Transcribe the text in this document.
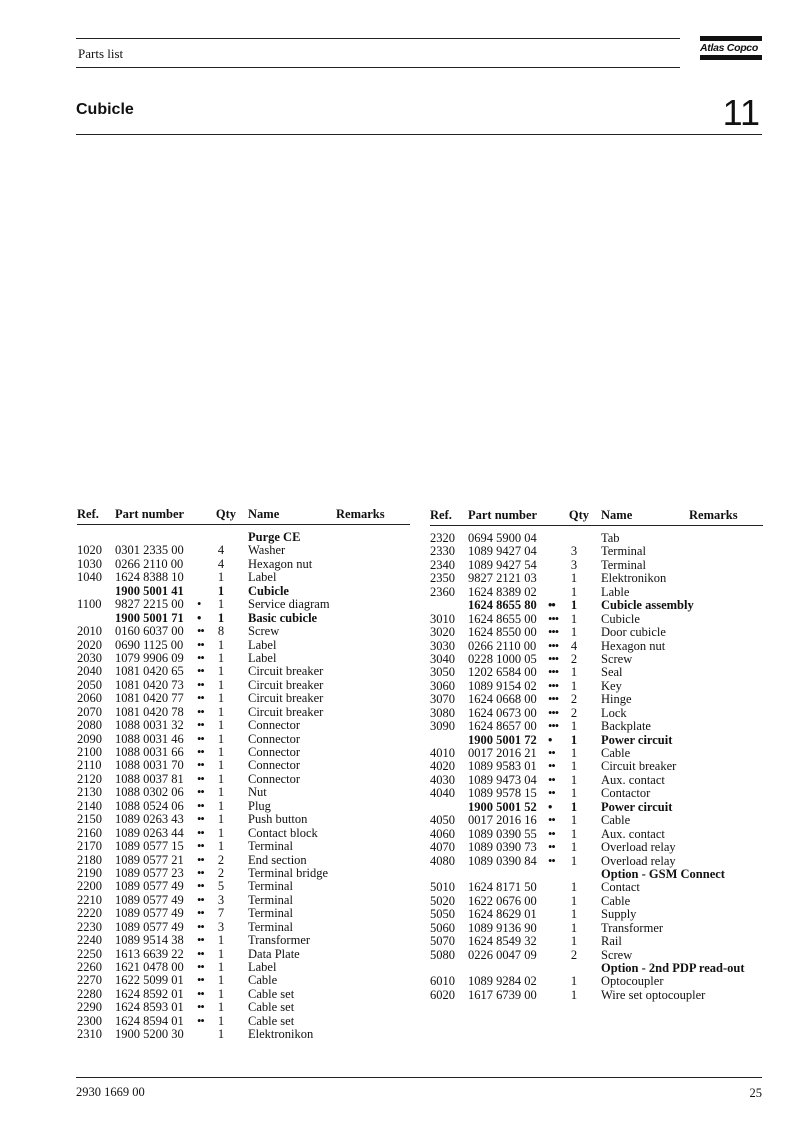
Parts list	Atlas Copco
Cubicle	11
Ref. Part number	Qty Name	Remarks
Purge CE
1020 0301 2335 00	4 Washer
1030 0266 2110 00	4 Hexagon nut
1040 1624 8388 10	1 Label
1900 5001 41	1 Cubicle
1100 9827 2215 00 •	1 Service diagram
1900 5001 71 •	1 Basic cubicle
2010 0160 6037 00 ••	8 Screw
2020 0690 1125 00 ••	1 Label
2030 1079 9906 09 ••	1 Label
2040 1081 0420 65 ••	1 Circuit breaker
2050 1081 0420 73 ••	1 Circuit breaker
2060 1081 0420 77 ••	1 Circuit breaker
2070 1081 0420 78 ••	1 Circuit breaker
2080 1088 0031 32 ••	1 Connector
2090 1088 0031 46 ••	1 Connector
2100 1088 0031 66 ••	1 Connector
2110 1088 0031 70 ••	1 Connector
2120 1088 0037 81 ••	1 Connector
2130 1088 0302 06 ••	1 Nut
2140 1088 0524 06 ••	1 Plug
2150 1089 0263 43 ••	1 Push button
2160 1089 0263 44 ••	1 Contact block
2170 1089 0577 15 ••	1 Terminal
2180 1089 0577 21 ••	2 End section
2190 1089 0577 23 ••	2 Terminal bridge
2200 1089 0577 49 ••	5 Terminal
2210 1089 0577 49 ••	3 Terminal
2220 1089 0577 49 ••	7 Terminal
2230 1089 0577 49 ••	3 Terminal
2240 1089 9514 38 ••	1 Transformer
2250 1613 6639 22 ••	1 Data Plate
2260 1621 0478 00 ••	1 Label
2270 1622 5099 01 ••	1 Cable
2280 1624 8592 01 ••	1 Cable set
2290 1624 8593 01 ••	1 Cable set
2300 1624 8594 01 ••	1 Cable set
2310 1900 5200 30	1 Elektronikon
Ref. Part number	Qty Name	Remarks
2320 0694 5900 04	Tab
2330 1089 9427 04	3 Terminal
2340 1089 9427 54	3 Terminal
2350 9827 2121 03	1 Elektronikon
2360 1624 8389 02	1 Lable
1624 8655 80 ••	1 Cubicle assembly
3010 1624 8655 00 •••	1 Cubicle
3020 1624 8550 00 •••	1 Door cubicle
3030 0266 2110 00 •••	4 Hexagon nut
3040 0228 1000 05 •••	2 Screw
3050 1202 6584 00 •••	1 Seal
3060 1089 9154 02 •••	1 Key
3070 1624 0668 00 •••	2 Hinge
3080 1624 0673 00 •••	2 Lock
3090 1624 8657 00 •••	1 Backplate
1900 5001 72 •	1 Power circuit
4010 0017 2016 21 ••	1 Cable
4020 1089 9583 01 ••	1 Circuit breaker
4030 1089 9473 04 ••	1 Aux. contact
4040 1089 9578 15 ••	1 Contactor
1900 5001 52 •	1 Power circuit
4050 0017 2016 16 ••	1 Cable
4060 1089 0390 55 ••	1 Aux. contact
4070 1089 0390 73 ••	1 Overload relay
4080 1089 0390 84 ••	1 Overload relay
Option - GSM Connect
5010 1624 8171 50	1 Contact
5020 1622 0676 00	1 Cable
5050 1624 8629 01	1 Supply
5060 1089 9136 90	1 Transformer
5070 1624 8549 32	1 Rail
5080 0226 0047 09	2 Screw
Option - 2nd PDP read-out
6010 1089 9284 02	1 Optocoupler
6020 1617 6739 00	1 Wire set optocoupler
2930 1669 00	25
